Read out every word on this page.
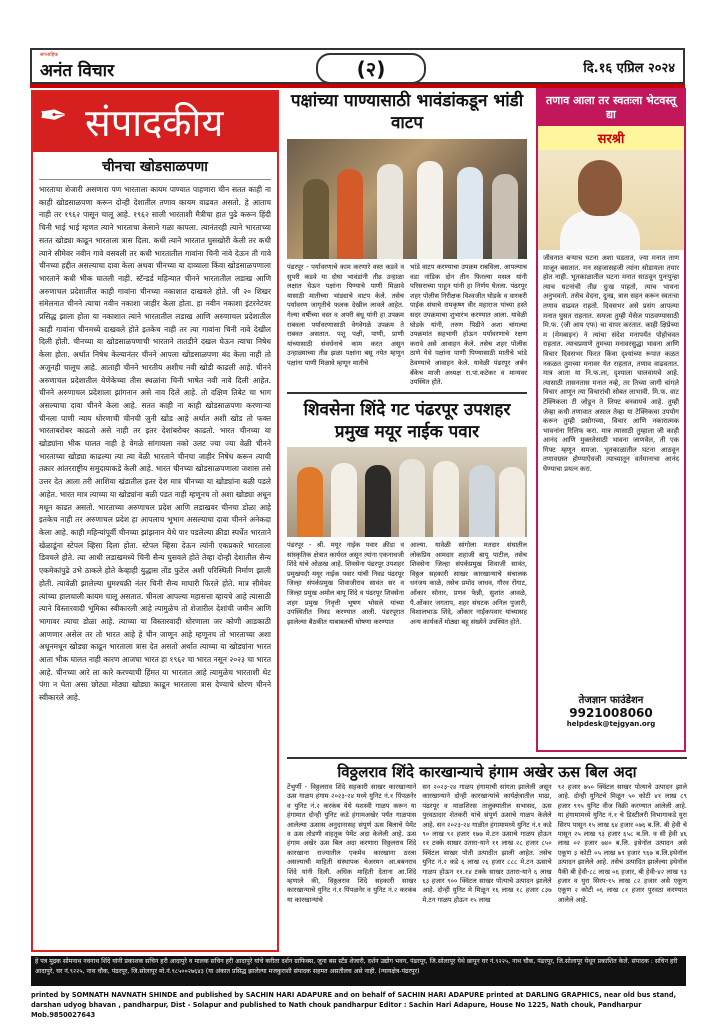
साप्ताहिक
अनंत विचार	(२)	दि.१६ एप्रिल २०२४
✒ संपादकीय
चीनचा खोडसाळपणा
भारताचा शेजारी असणारा पण भारताला कायम पाण्यात पाहणारा चीन सतत काही ना काही खोडसाळपणा करून दोन्ही देशातील तणाव कायम वाढवत असतो. हे आताच नाही तर १९६२ पासून चालू आहे. १९६२ साली भारताशी मैत्रीचा हात पुढे करून हिंदी चिनी भाई भाई म्हणत त्याने भारताचा केसाने गळा कापला. त्यानंतरही त्याने भारताच्या सतत खोड्या काढून भारताला त्रास दिला. कधी त्याने भारतात घुसखोरी केली तर कधी त्याने सीमेवर नवीन गावे वसवली तर कधी भारतातील गावांना चिनी नावे देऊन ती गावे चीनच्या हद्दीत असल्याचा दावा केला अथवा चीनच्या या दाव्याला किंवा खोडसाळपणाला भारताने कधी भीक घातली नाही. स्टॅन्डर्ड महिन्यात चीनने भारतातील लडाख आणि अरुणाचल प्रदेशातील काही गावांना चीनच्या नकाशात दाखवले होते. जी २० शिखर संमेलनात चीनने त्याचा नवीन नकाशा जाहीर केला होता. हा नवीन नकाशा इंटरनेटवर प्रसिद्ध झाला होता या नकाशात त्याने भारतातील लडाख आणि अरुणाचल प्रदेशातील काही गावांना चीनमध्ये दाखवले होते इतकेच नाही तर त्या गावांना चिनी नावे देखील दिली होती. चीनच्या या खोडसाळपणाची भारताने तातडीने दखल घेऊन त्याचा निषेध केला होता. अर्थात निषेध केल्यानंतर चीनने आपला खोडसाळपणा बंद केला नाही तो अजूनही चालूच आहे. आताही चीनने भारतीय अशीच नवी खोडी काढली आहे. चीनने अरुणाचल प्रदेशातील येणेकेच्या तीस स्थळांना चिनी भाषेत नवी नावे दिली आहेत. चीनने अरुणाचल प्रदेशाला झांगनान असे नाव दिले आहे. तो दक्षिण तिबेट चा भाग असल्याचा दावा चीनने केला आहे. सतत काही ना काही खोडसाळपणा करणाऱ्या चीनला पाणी न्याय धोरणाची चीनची जुनी खोड आहे अर्थात अशी खोड तो फक्त भारताबरोबर काढतो असे नाही तर इतर देशांबरोबर काढतो. भारत चीनच्या या खोड्यांना भीक घालत नाही हे वेगळे सांगायला नको उलट ज्या ज्या वेळी चीनने भारताच्या खोड्या काढल्या त्या त्या वेळी भारताने चीनचा जाहीर निषेध करून त्याची तक्रार आंतरराष्ट्रीय समुदायाकडे केली आहे. भारत चीनच्या खोडसाळपणाला जशास तसे उत्तर देत आला तरी आशिया खंडातील इतर देश मात्र चीनच्या या खोड्यांना बळी पडले आहेत. भारत मात्र त्याच्या या खोड्यांना बळी पडत नाही म्हणूनच तो अशा खोड्या अधून मधून काढत असतो. भारताच्या अरुणाचल प्रदेश आणि लडाखवर चीनचा डोळा आहे इतकेच नाही तर अरुणाचल प्रदेश हा आपलाच भूभाग असल्याचा दावा चीनने अनेकदा केला आहे. काही महिन्यांपूर्वी चीनच्या झांझनान येथे पार पडलेल्या क्रीडा स्पर्धेत भारताने खेळाडूंना स्टेपल व्हिसा दिला होता. स्टेपल व्हिसा देऊन त्यांनी एकप्रकारे भारताला डिवचले होते. त्या आधी लडाखमध्ये चिनी सैन्य घुसवले होते तेव्हा दोन्ही देशातील सैन्य एकमेकांपुढे उभे ठाकले होते केव्हाही युद्धास तोंड फुटेल अशी परिस्थिती निर्माण झाली होती. त्यावेळी झालेल्या धुमश्चक्री नंतर चिनी सैन्य माघारी फिरले होते. मात्र सीमेवर त्यांच्या हालचाली कायम चालू असतात. चीनला आपल्या महासत्ता व्हायचे आहे त्यासाठी त्याने विस्तारवादी भूमिका स्वीकारली आहे त्यामुळेच तो शेजारील देशांची जमीन आणि भागावर त्याचा डोळा आहे. त्याच्या या विस्तारवादी धोरणाला जर कोणी आडकाठी आणणार असेल तर तो भारत आहे हे चीन जाणून आहे म्हणूनच तो भारताच्या अशा अधूनमधून खोड्या काढून भारताला त्रास देत असतो अर्थात त्याच्या या खोड्यांना भारत आता भीक घालत नाही कारण आजचा भारत हा १९६२ चा भारत नसून २०२३ चा भारत आहे. चीनच्या आरे ला कारे करण्याची हिंमत या भारतात आहे त्यामुळेच भारताशी थेट पंगा न घेता असा छोट्या मोठ्या खोड्या काढून भारताला त्रास देण्याचे धोरण चीनने स्वीकारले आहे.
पक्षांच्या पाण्यासाठी भावंडांकडून भांडी वाटप
पंढरपूर - पर्यावरणाचे काम करणारे वस्त कडवे व सुपरी कडवे या दोघा भावंडांनी तीव्र उन्हाळा लक्षात घेऊन पक्षांना पिण्याचे पाणी मिळावे यासाठी मातीच्या भांड्याचे वाटप केले. तसेच पर्यावरण जागृतीचे फलक देखील लावले आहेत. गेल्या वर्षीच्या वस्त व अपरी बंधू यांनी हा उपक्रम राबवला पर्यावरणासाठी वेगवेगळे उपक्रम ते राबवत असतात. पशू पक्षी, पाणी, प्राणी यांच्यासाठी संवर्धनाचे काम करत असून उन्हाळ्याच्या तीव्र झळा पक्षांना बसू नयेत म्हणून पक्षांना पाणी मिळावे म्हणून मातीचे
भांडे वाटप करण्याचा उपक्रम राबविला. आपल्याच वडा नांडिक दोन तीन फिरल्या मसल यांनी परिसराच्या पाहून यांनी हा निर्णय घेतला. पंढरपूर शहर पोलीस निरीक्षक विश्वजीत घोडके व वारकरी पाईक संघाचे रामकृष्ण वीर महाराज यांच्या हस्ते सदर उपक्रमाचा शुभारंभ करण्यात आला. यावेळी घोडके यांनी, तरुण पिढीने अशा चांगल्या उपक्रमांत सहभागी होऊन पर्यावरणाचे रक्षण करावे असे आवाहन केले. तसेच शहर पोलीस ठाणे येथे पक्षांना पाणी पिण्यासाठी मातीचे भांडे ठेवण्याचे आवाहन केले. यावेळी पंढरपूर अर्बन बँकेच माजी अध्यक्ष रा.पां.कटेकर व मान्यवर उपस्थित होते.
शिवसेना शिंदे गट पंढरपूर उपशहर प्रमुख मयूर नाईक पवार
पंढरपूर - श्री. मयूर नाईक पवार क्रीडा व सांस्कृतिक क्षेत्रात कार्यरत असून त्यांना एकनाथजी शिंदे यांचे ओळख आहे. शिवसेना पंढरपूर उपशहर प्रमुखपदी मयूर नाईक पवार यांची निवड पंढरपूर जिल्हा संपर्कप्रमुख शिवाजीराव सावंत सर व जिल्हा प्रमुख अमोल बापू शिंदे व पंढरपूर शिवसेना शहर प्रमुख निवृत्ती भूषण भोसले यांच्या उपस्थितीत निवड करण्यात आली. पंढरपूरात झालेल्या बैठकीत याबाबतची घोषणा करण्यात
आल्या. यावेळी सांगोला मतदार संघातील लोकप्रिय आमदार शहाजी बापू पाटील, तसेच शिवसेना जिल्हा संपर्कप्रमुख शिवाजी सावंत, विठ्ठल सहकारी साखर कारखान्याचे संचालक धनंजय काळे, तसेच प्रमोद जाधव, गौरव रोंगाट, ओंकार सोनार, प्रणव फेन्नी, सुशांत आवळे, पै.ओंकार जगताप, शहर संघटक अनिल पुजारी, विशालभाऊ शिंदे, ओंकार नाईकपवार यांच्यासह अन्य कार्यकर्ते मोठ्या बहू संख्येने उपस्थित होते.
तणाव आला तर स्वतःला भेटवस्तू द्या
सरश्री
जीवनात बऱ्याच घटना अशा घडतात, ज्या मनात ताण माजून बसतात. मन सहजासहजी त्यांना सोडायला तयार होत नाही. भूतकाळातील घटना मनात साठवून पुनःपुन्हा त्याच घटनांची तीव्र दुःख पाहतो, त्याच भावना अनुभवतो. तसेच वेदना, दुःख, त्रास सहन करून स्वतःचा तणाव वाढवत राहतो. दिवसभर असे प्रसंग आपल्या मनात घुसत राहतात. समजा तुम्ही मेसेज पाठवण्यासाठी मि.फ. (जी आय एफ) चा वापर करतात. काही क्षिप्रेच्या म (मेमबाइन) ने त्यांचा संदेश मनापर्यंत पोहोचवत राहतात. त्याचप्रमाणे तुमच्या मनावरसुद्धा भावना आणि विचार दिवसभर फिरत किंवा दृश्यांच्या रूपात कळत नकळत तुमच्या मनावर येत राहतात, तणाव वाढवतात. मात्र आता या नि.फ.ला, दृश्याला घालवायचे आहे. त्यासाठी तासनतास मनात नव्हे, तर तिच्या जागी चांगले विचार आणून त्या विचारांची सोबत लाभावी. मि.फ. वाट टेक्निकला टी जोडून ते लिफ्ट बनवायचे आहे. तुम्ही जेव्हा कधी तणावात असाल तेव्हा या टेक्निकचा उपयोग करून तुम्ही प्रसोगच्या, विचार आणि नकारात्मक भावनांना रिलिफ करा. मात्र त्यासाठी तुम्हाला जी काही आनंद आणि मुक्ततेसाठी भावना जाणवेल, ती एक गिफ्ट म्हणून समजा. भूतकाळातील घटना आठवून तणावग्रस्त होण्याऐवजी त्याच्यातून वर्तमानाचा आनंद घेण्याचा प्रयत्न करा.
तेजज्ञान फाउंडेशन
9921008060
helpdesk@tejgyan.org
विठ्ठलराव शिंदे कारखान्याचे हंगाम अखेर ऊस बिल अदा
टेंभुर्णी - विठ्ठलराव शिंदे सहकारी साखर कारखान्याने ऊस गाळप हंगाम २०२३-२४ मध्ये युनिट नं.१ पिंपळनेर व युनिट नं.२ करकंब येथे यशस्वी गाळप करून या हंगामात दोन्ही युनिट कडे हंगामअखेर पर्यंत गाळपास आलेल्या ऊसास अनुदानासह संपूर्ण ऊस बिलाचे पेमेंट व ऊस तोडणी वाहतूक पेमेंट अदा केलेली आहे. ऊस हंगाम अखेर ऊस बिल अदा करणारा विठ्ठलराव शिंदे कारखाना राज्यातील एकमेव कारखाना ठरला असल्याची माहिती संस्थापक चेअरमन आ.बबनराव शिंदे यांनी दिली. अधिक माहिती देताना आ.शिंदे म्हणाले की, विठ्ठलराव शिंदे सहकारी साखर कारखान्याचे युनिट नं.१ पिंपळनेर व युनिट नं.२ करकंब या कारखान्यांचे
सन २०२३-२४ गाळप हंगामाची सांगता झालेली असून कारखान्याने दोन्ही कारखान्यांचे कार्यक्षेत्रातील माढा, पंढरपूर व माळशिरस तालुक्यातील सभासद, ऊस पुरवठादार शेतकरी यांचे संपूर्ण ऊसाचे गाळप केलेले आहे. सन २०२३-२४ गाळीत हंगामामध्ये युनिट नं.१ कडे ९० लाख ९२ हजार १७७ मे.टन ऊसाचे गाळप होऊन ११ टक्के साखर उतारा-याने ११ लाख २८ हजार ८५० क्विंटल साखर पोती उत्पादीत झाली आहेत. तसेच युनिट नं.२ कडे ६ लाख २६ हजार ८८८ मे.टन ऊसाचे गाळप होऊन ११.१४ टक्के साखर उतारा-याने ६ लाख ६३ हजार ९०० क्विंटल साखर पोत्याचे उत्पादन झालेले आहे. दोन्ही युनिट मे मिळून १६ लाख १८ हजार ८३७ मे.टन गाळप होऊन १५ लाख
९२ हजार ७५० क्विंटल साखर पोत्याचे उत्पादन झाले आहे. दोन्ही युनिटचे मिळून ५० कोटी ४१ लाख ८९ हजार ९९५ युनिट वीज विक्री करण्यात आलेली आहे. या हंगामामध्ये युनिट नं.१ चे डिस्टीलरी विभागाकडे युरा सिरप पासून १५ लाख ६४ हजार ०७६ ब.लि. बी हेवी चे पासून २५ लाख ९३ हजार ६५८ ब.लि. व सी हेवी ४६ लाख ०२ हजार ७४० ब.लि. इथेनॉल उत्पादन असे एकूण ३ कोटी ०५ लाख ७९ हजार ९६७ ब.लि.इथेनॉल उत्पादन झालेले आहे. तसेच उत्पादित झालेल्या इथेनॉल पैकी बी हेवी-८८ लाख ०६ हजार, बी हेवी-४२ लाख ९३ हजार व युरा सिरप-१५ लाख ८२ हजार असे एकूण एकूण २ कोटी ०६ लाख ८१ हजार पुरवठा करण्यात आलेले आहे.
हे पत्र मुद्रक सोमनाथ नवनाथ शिंदे यांनी प्रकाशक सचिन हरी आदापुरे व मालक सचिन हरी आदापुरे यांचे करीता दर्शन ग्राफिक्स, जुना बस स्टँड शेजारी, दर्शन उद्योग भवन, पंढरपूर, जि.सोलापूर येथे छापून घर नं.९२२५, नाथ चौक, पंढरपूर, जि.सोलापूर येथून प्रकाशित केले. संपादक : सचिन हरी आदापुरे, घर नं.९२२५, नाथ चौक, पंढरपूर, जि.सोलापूर मो.नं.९८५००२७६४३ (या अंकात प्रसिद्ध झालेल्या मजकुराशी संपादक सहमत असतीलच असे नाही. (न्यायक्षेत्र-पंढरपूर)
printed by SOMNATH NAVNATH SHINDE and published by SACHIN HARI ADAPURE and on behalf of SACHIN HARI ADAPURE printed at DARLING GRAPHICS, near old bus stand, darshan udyog bhavan , pandharpur, Dist - Solapur and published to Nath chouk pandharpur Editor : Sachin Hari Adapure, House No 1225, Nath chouk, Pandharpur Mob.9850027643
